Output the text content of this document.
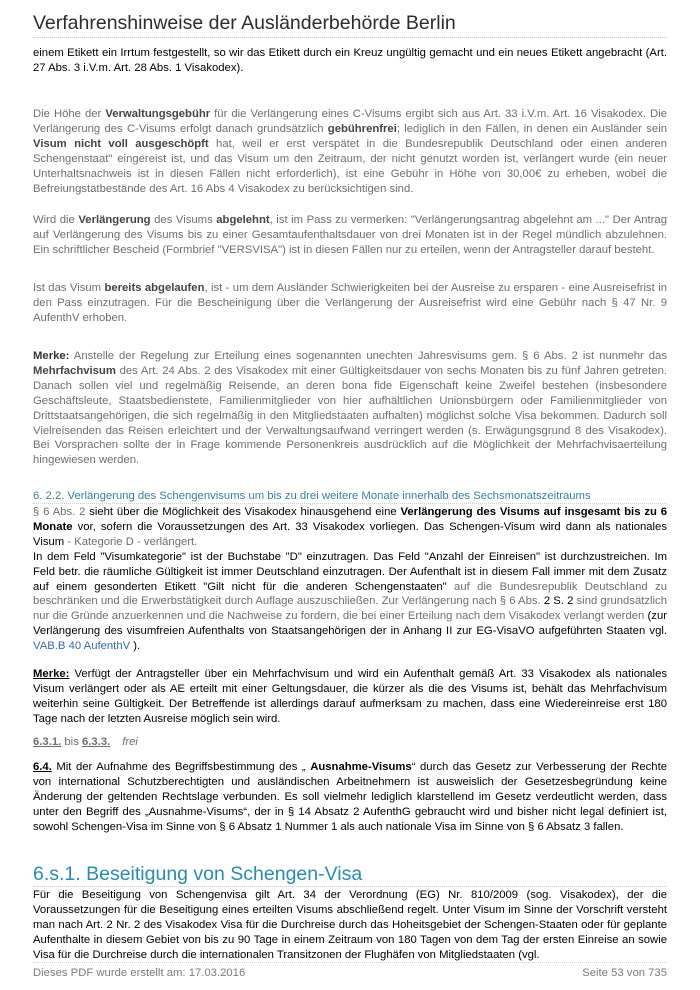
Verfahrenshinweise der Ausländerbehörde Berlin
einem Etikett ein Irrtum festgestellt, so wir das Etikett durch ein Kreuz ungültig gemacht und ein neues Etikett angebracht (Art. 27 Abs. 3 i.V.m. Art. 28 Abs. 1 Visakodex).
Die Höhe der Verwaltungsgebühr für die Verlängerung eines C-Visums ergibt sich aus Art. 33 i.V.m. Art. 16 Visakodex. Die Verlängerung des C-Visums erfolgt danach grundsätzlich gebührenfrei; lediglich in den Fällen, in denen ein Ausländer sein Visum nicht voll ausgeschöpft hat, weil er erst verspätet in die Bundesrepublik Deutschland oder einen anderen Schengenstaat" eingereist ist, und das Visum um den Zeitraum, der nicht genutzt worden ist, verlängert wurde (ein neuer Unterhaltsnachweis ist in diesen Fällen nicht erforderlich), ist eine Gebühr in Höhe von 30,00€ zu erheben, wobei die Befreiungstatbestände des Art. 16 Abs 4 Visakodex zu berücksichtigen sind.
Wird die Verlängerung des Visums abgelehnt, ist im Pass zu vermerken: "Verlängerungsantrag abgelehnt am ..." Der Antrag auf Verlängerung des Visums bis zu einer Gesamtaufenthaltsdauer von drei Monaten ist in der Regel mündlich abzulehnen. Ein schriftlicher Bescheid (Formbrief "VERSVISA") ist in diesen Fällen nur zu erteilen, wenn der Antragsteller darauf besteht.
Ist das Visum bereits abgelaufen, ist - um dem Ausländer Schwierigkeiten bei der Ausreise zu ersparen - eine Ausreisefrist in den Pass einzutragen. Für die Bescheinigung über die Verlängerung der Ausreisefrist wird eine Gebühr nach § 47 Nr. 9 AufenthV erhoben.
Merke: Anstelle der Regelung zur Erteilung eines sogenannten unechten Jahresvisums gem. § 6 Abs. 2 ist nunmehr das Mehrfachvisum des Art. 24 Abs. 2 des Visakodex mit einer Gültigkeitsdauer von sechs Monaten bis zu fünf Jahren getreten. Danach sollen viel und regelmäßig Reisende, an deren bona fide Eigenschaft keine Zweifel bestehen (insbesondere Geschäftsleute, Staatsbedienstete, Familienmitglieder von hier aufhältlichen Unionsbürgern oder Familienmitglieder von Drittstaatsangehörigen, die sich regelmäßig in den Mitgliedstaaten aufhalten) möglichst solche Visa bekommen. Dadurch soll Vielreisenden das Reisen erleichtert und der Verwaltungsaufwand verringert werden (s. Erwägungsgrund 8 des Visakodex). Bei Vorsprachen sollte der in Frage kommende Personenkreis ausdrücklich auf die Möglichkeit der Mehrfachvisaerteilung hingewiesen werden.
6. 2.2. Verlängerung des Schengenvisums um bis zu drei weitere Monate innerhalb des Sechsmonatszeitraums
§ 6 Abs. 2 sieht über die Möglichkeit des Visakodex hinausgehend eine Verlängerung des Visums auf insgesamt bis zu 6 Monate vor, sofern die Voraussetzungen des Art. 33 Visakodex vorliegen. Das Schengen-Visum wird dann als nationales Visum - Kategorie D - verlängert.
In dem Feld "Visumkategorie" ist der Buchstabe "D" einzutragen. Das Feld "Anzahl der Einreisen" ist durchzustreichen. Im Feld betr. die räumliche Gültigkeit ist immer Deutschland einzutragen. Der Aufenthalt ist in diesem Fall immer mit dem Zusatz auf einem gesonderten Etikett "Gilt nicht für die anderen Schengenstaaten" auf die Bundesrepublik Deutschland zu beschränken und die Erwerbstätigkeit durch Auflage auszuschließen. Zur Verlängerung nach § 6 Abs. 2 S. 2 sind grundsätzlich nur die Gründe anzuerkennen und die Nachweise zu fordern, die bei einer Erteilung nach dem Visakodex verlangt werden (zur Verlängerung des visumfreien Aufenthalts von Staatsangehörigen der in Anhang II zur EG-VisaVO aufgeführten Staaten vgl. VAB.B 40 AufenthV ).
Merke: Verfügt der Antragsteller über ein Mehrfachvisum und wird ein Aufenthalt gemäß Art. 33 Visakodex als nationales Visum verlängert oder als AE erteilt mit einer Geltungsdauer, die kürzer als die des Visums ist, behält das Mehrfachvisum weiterhin seine Gültigkeit. Der Betreffende ist allerdings darauf aufmerksam zu machen, dass eine Wiedereinreise erst 180 Tage nach der letzten Ausreise möglich sein wird.
6.3.1. bis 6.3.3. frei
6.4. Mit der Aufnahme des Begriffsbestimmung des „ Ausnahme-Visums“ durch das Gesetz zur Verbesserung der Rechte von international Schutzberechtigten und ausländischen Arbeitnehmern ist ausweislich der Gesetzesbegründung keine Änderung der geltenden Rechtslage verbunden. Es soll vielmehr lediglich klarstellend im Gesetz verdeutlicht werden, dass unter den Begriff des „Ausnahme-Visums“, der in § 14 Absatz 2 AufenthG gebraucht wird und bisher nicht legal definiert ist, sowohl Schengen-Visa im Sinne von § 6 Absatz 1 Nummer 1 als auch nationale Visa im Sinne von § 6 Absatz 3 fallen.
6.s.1. Beseitigung von Schengen-Visa
Für die Beseitigung von Schengenvisa gilt Art. 34 der Verordnung (EG) Nr. 810/2009 (sog. Visakodex), der die Voraussetzungen für die Beseitigung eines erteilten Visums abschließend regelt. Unter Visum im Sinne der Vorschrift versteht man nach Art. 2 Nr. 2 des Visakodex Visa für die Durchreise durch das Hoheitsgebiet der Schengen-Staaten oder für geplante Aufenthalte in diesem Gebiet von bis zu 90 Tage in einem Zeitraum von 180 Tagen von dem Tag der ersten Einreise an sowie Visa für die Durchreise durch die internationalen Transitzonen der Flughäfen von Mitgliedstaaten (vgl.
Dieses PDF wurde erstellt am: 17.03.2016	Seite 53 von 735
